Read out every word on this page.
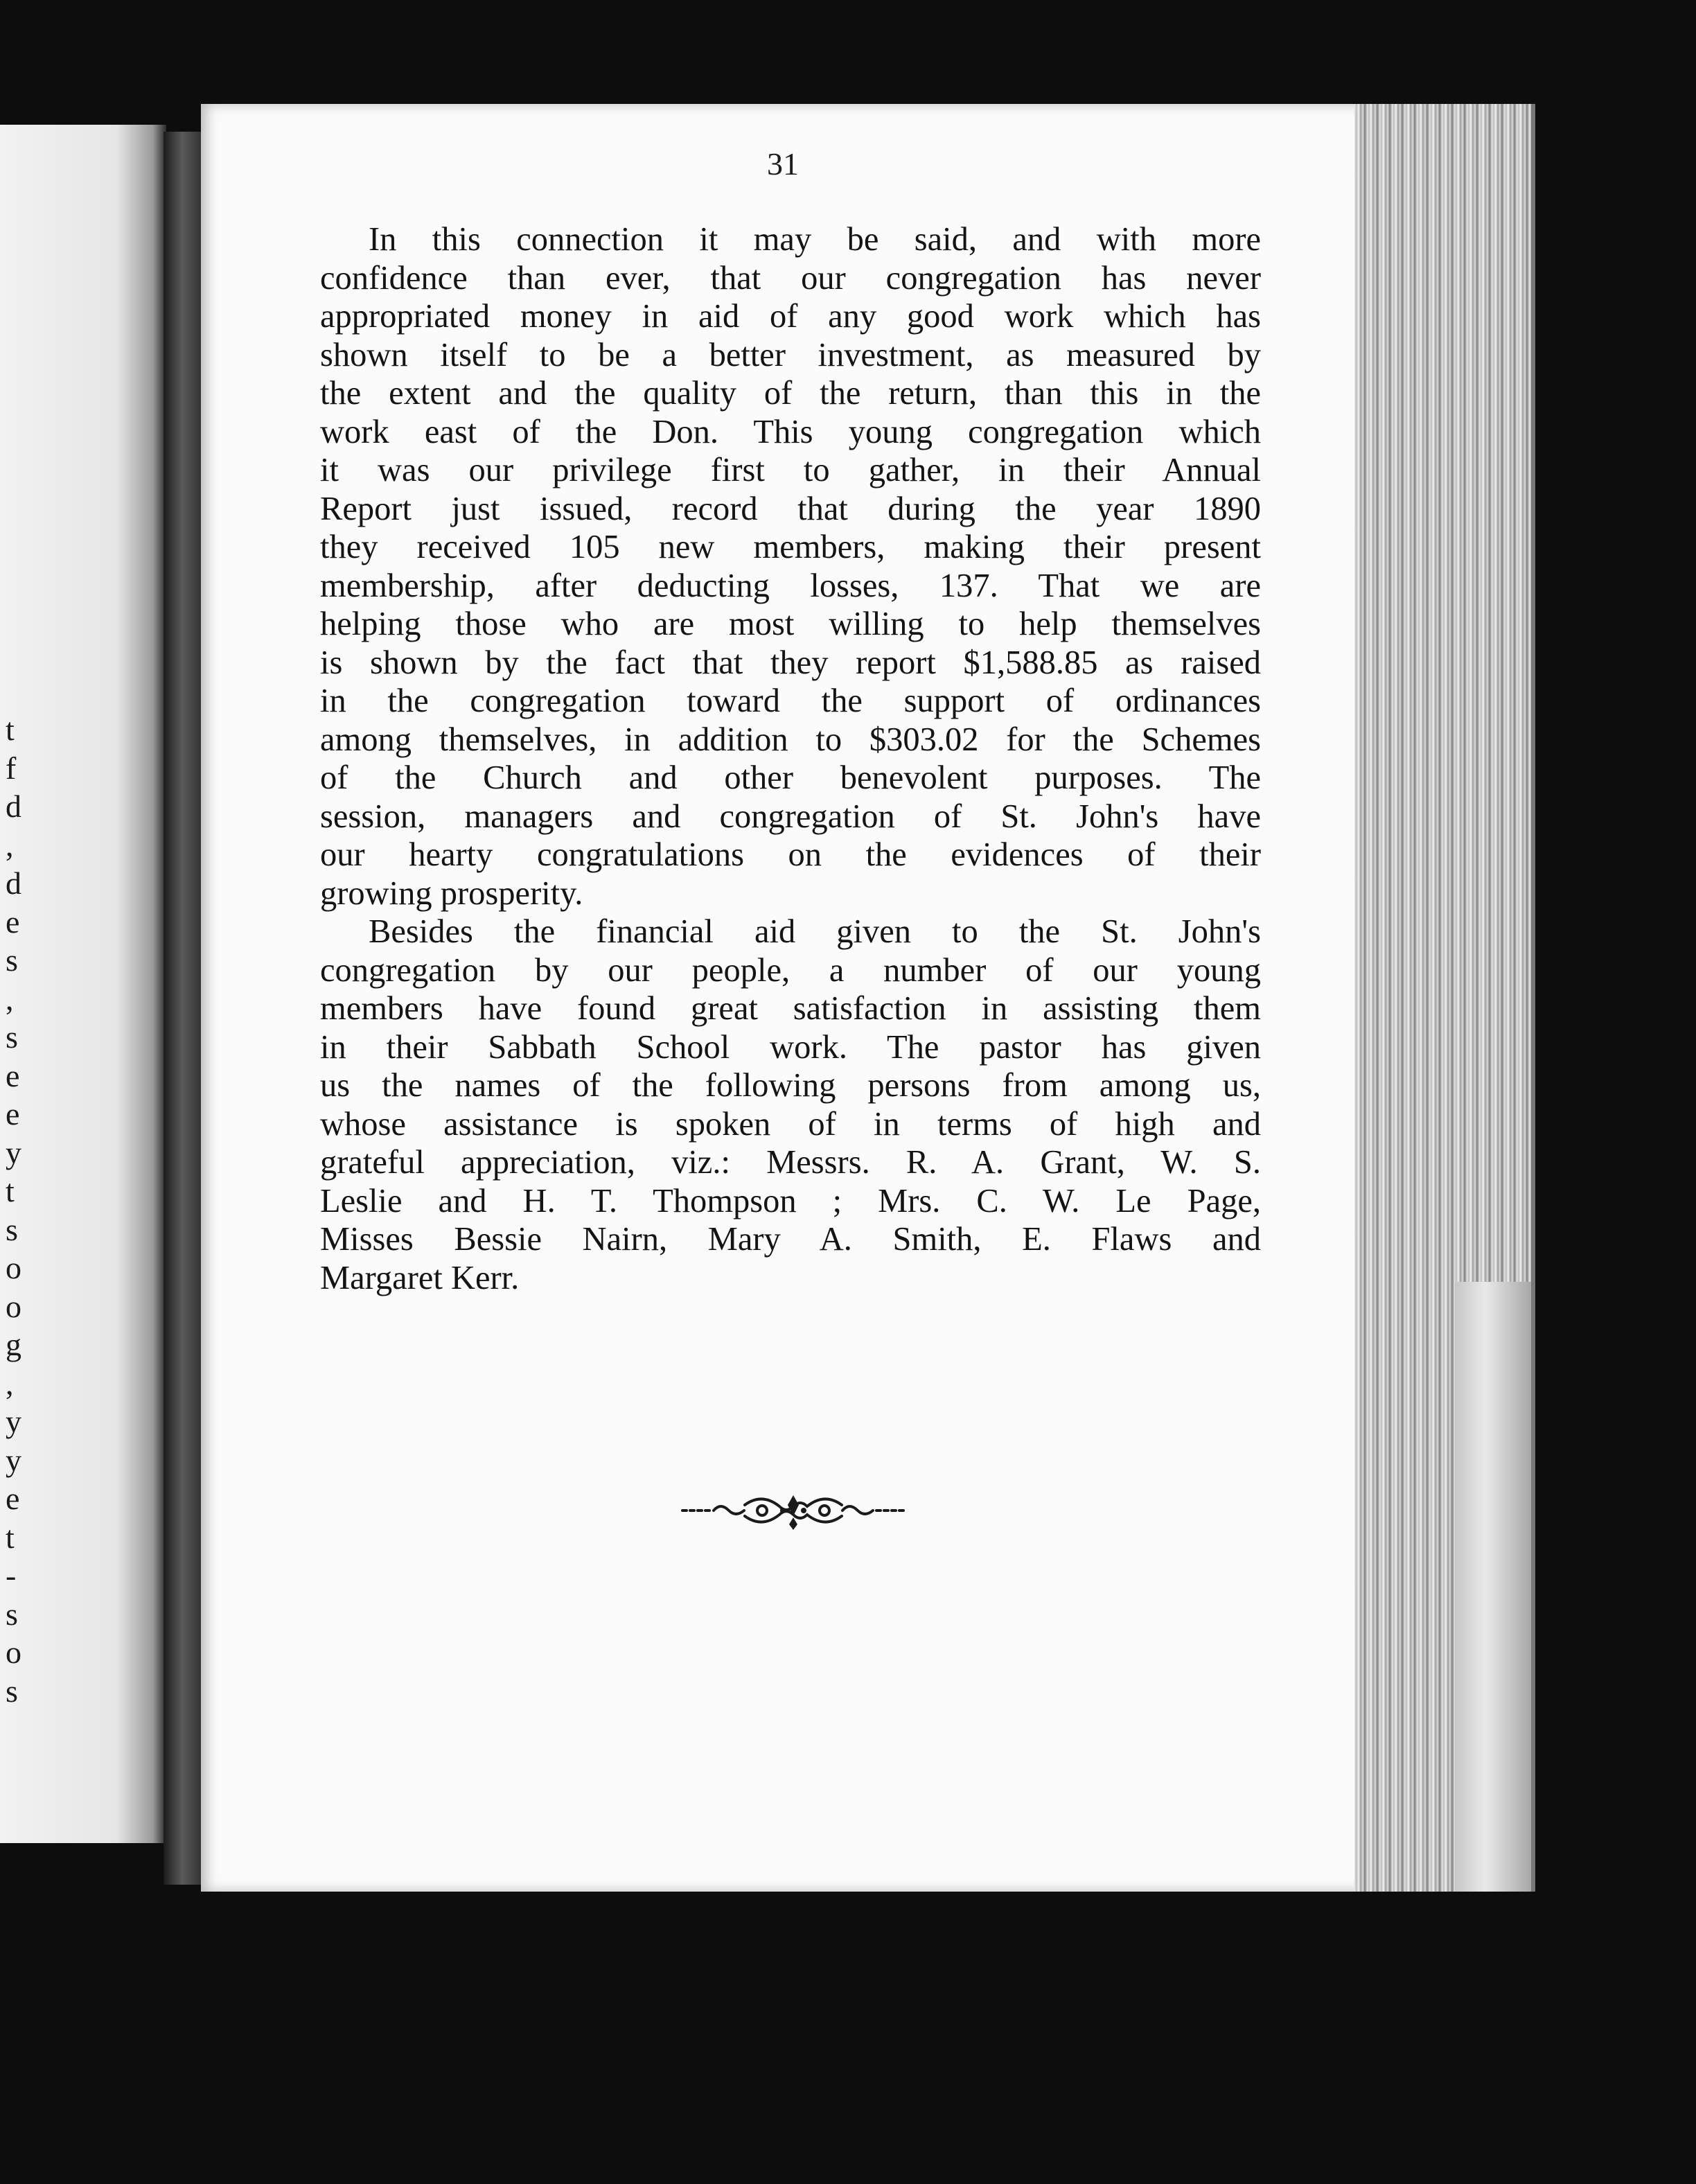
t
f
d
,
d
e
s
,
s
e
e
y
t
s
o
o
g
,
y
y
e
t
-
s
o
s
31
In this connection it may be said, and with more
confidence than ever, that our congregation has never
appropriated money in aid of any good work which has
shown itself to be a better investment, as measured by
the extent and the quality of the return, than this in the
work east of the Don. This young congregation which
it was our privilege first to gather, in their Annual
Report just issued, record that during the year 1890
they received 105 new members, making their present
membership, after deducting losses, 137. That we are
helping those who are most willing to help themselves
is shown by the fact that they report $1,588.85 as raised
in the congregation toward the support of ordinances
among themselves, in addition to $303.02 for the Schemes
of the Church and other benevolent purposes. The
session, managers and congregation of St. John's have
our hearty congratulations on the evidences of their
growing prosperity.
Besides the financial aid given to the St. John's
congregation by our people, a number of our young
members have found great satisfaction in assisting them
in their Sabbath School work. The pastor has given
us the names of the following persons from among us,
whose assistance is spoken of in terms of high and
grateful appreciation, viz.: Messrs. R. A. Grant, W. S.
Leslie and H. T. Thompson ; Mrs. C. W. Le Page,
Misses Bessie Nairn, Mary A. Smith, E. Flaws and
Margaret Kerr.
